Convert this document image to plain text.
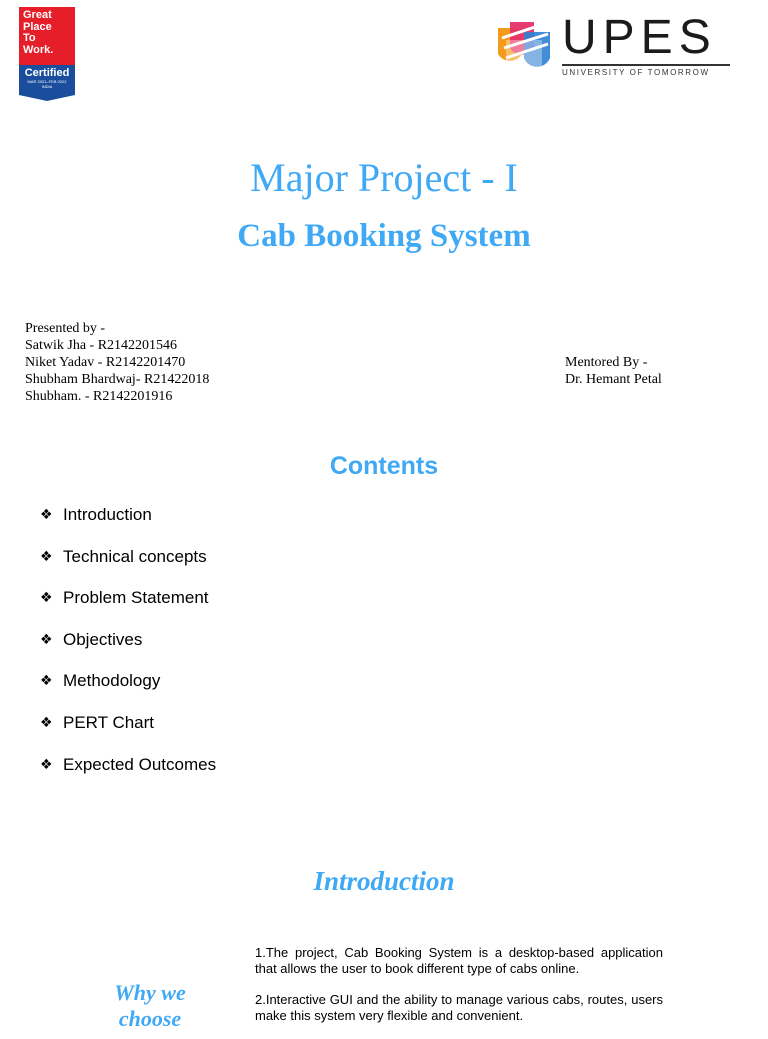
Great
Place
To
Work.
Certified
MAR 2021–FEB 2022
INDIA
UPES
UNIVERSITY OF TOMORROW
Major Project - I
Cab Booking System
Presented by -
Satwik Jha - R2142201546
Niket Yadav - R2142201470
Shubham Bhardwaj- R21422018
Shubham. - R2142201916
Mentored By -
Dr. Hemant Petal
Contents
❖ Introduction
❖ Technical concepts
❖ Problem Statement
❖ Objectives
❖ Methodology
❖ PERT Chart
❖ Expected Outcomes
Introduction
Why we
choose

1.The project, Cab Booking System is a desktop-based application that allows the user to book different type of cabs online.

2.Interactive GUI and the ability to manage various cabs, routes, users make this system very flexible and convenient.
